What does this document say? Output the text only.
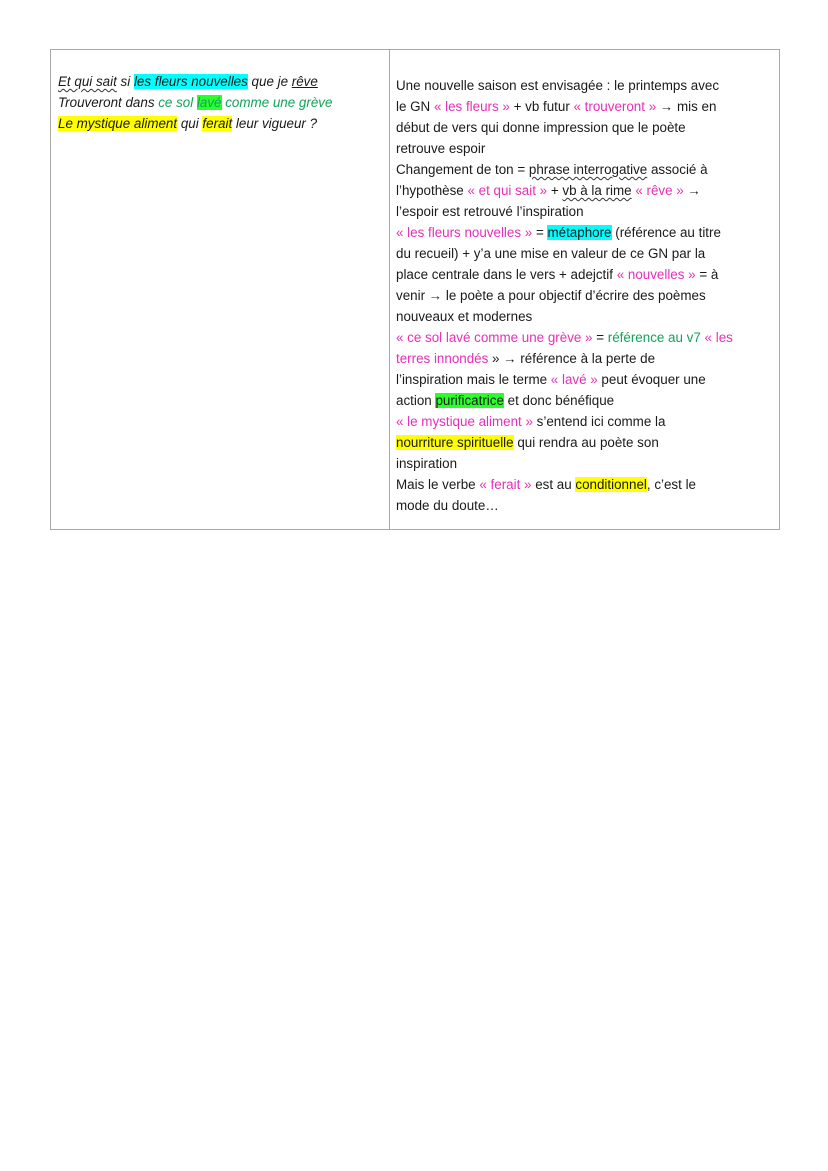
Et qui sait si les fleurs nouvelles que je rêve
Trouveront dans ce sol lavé comme une grève
Le mystique aliment qui ferait leur vigueur ?

Une nouvelle saison est envisagée : le printemps avec
le GN « les fleurs » + vb futur « trouveront » → mis en
début de vers qui donne impression que le poète
retrouve espoir
Changement de ton = phrase interrogative associé à
l’hypothèse « et qui sait » + vb à la rime « rêve » →
l’espoir est retrouvé l’inspiration
« les fleurs nouvelles » = métaphore (référence au titre
du recueil) + y’a une mise en valeur de ce GN par la
place centrale dans le vers + adejctif « nouvelles » = à
venir → le poète a pour objectif d’écrire des poèmes
nouveaux et modernes
« ce sol lavé comme une grève » = référence au v7 « les
terres innondés » → référence à la perte de
l’inspiration mais le terme « lavé » peut évoquer une
action purificatrice et donc bénéfique
« le mystique aliment » s’entend ici comme la
nourriture spirituelle qui rendra au poète son
inspiration
Mais le verbe « ferait » est au conditionnel, c’est le
mode du doute…
